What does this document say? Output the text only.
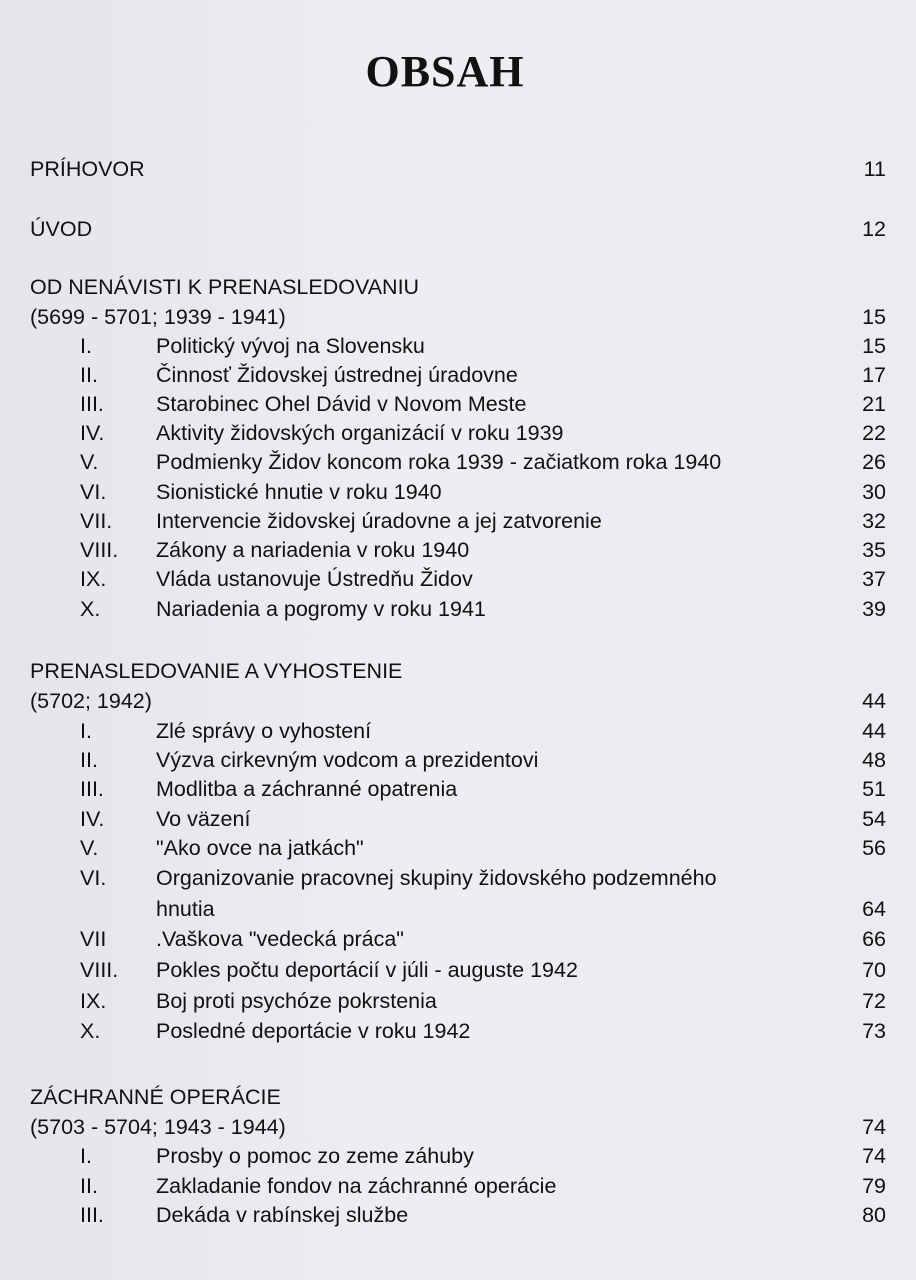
OBSAH
PRÍHOVOR	11
ÚVOD	12
OD NENÁVISTI K PRENASLEDOVANIU
(5699 - 5701; 1939 - 1941)	15
I.	Politický vývoj na Slovensku	15
II.	Činnosť Židovskej ústrednej úradovne	17
III. Starobinec Ohel Dávid v Novom Meste	21
IV. Aktivity židovských organizácií v roku 1939	22
V.	Podmienky Židov koncom roka 1939 - začiatkom roka 1940	26
VI. Sionistické hnutie v roku 1940	30
VII. Intervencie židovskej úradovne a jej zatvorenie	32
VIII. Zákony a nariadenia v roku 1940	35
IX. Vláda ustanovuje Ústredňu Židov	37
X.	Nariadenia a pogromy v roku 1941	39
PRENASLEDOVANIE A VYHOSTENIE
(5702; 1942)	44
I.	Zlé správy o vyhostení	44
II.	Výzva cirkevným vodcom a prezidentovi	48
III. Modlitba a záchranné opatrenia	51
IV. Vo väzení	54
V.	"Ako ovce na jatkách"	56
VI. Organizovanie pracovnej skupiny židovského podzemného
hnutia	64
VII .Vaškova "vedecká práca"	66
VIII. Pokles počtu deportácií v júli - auguste 1942	70
IX. Boj proti psychóze pokrstenia	72
X.	Posledné deportácie v roku 1942	73
ZÁCHRANNÉ OPERÁCIE
(5703 - 5704; 1943 - 1944)	74
I.	Prosby o pomoc zo zeme záhuby	74
II.	Zakladanie fondov na záchranné operácie	79
III. Dekáda v rabínskej službe	80
